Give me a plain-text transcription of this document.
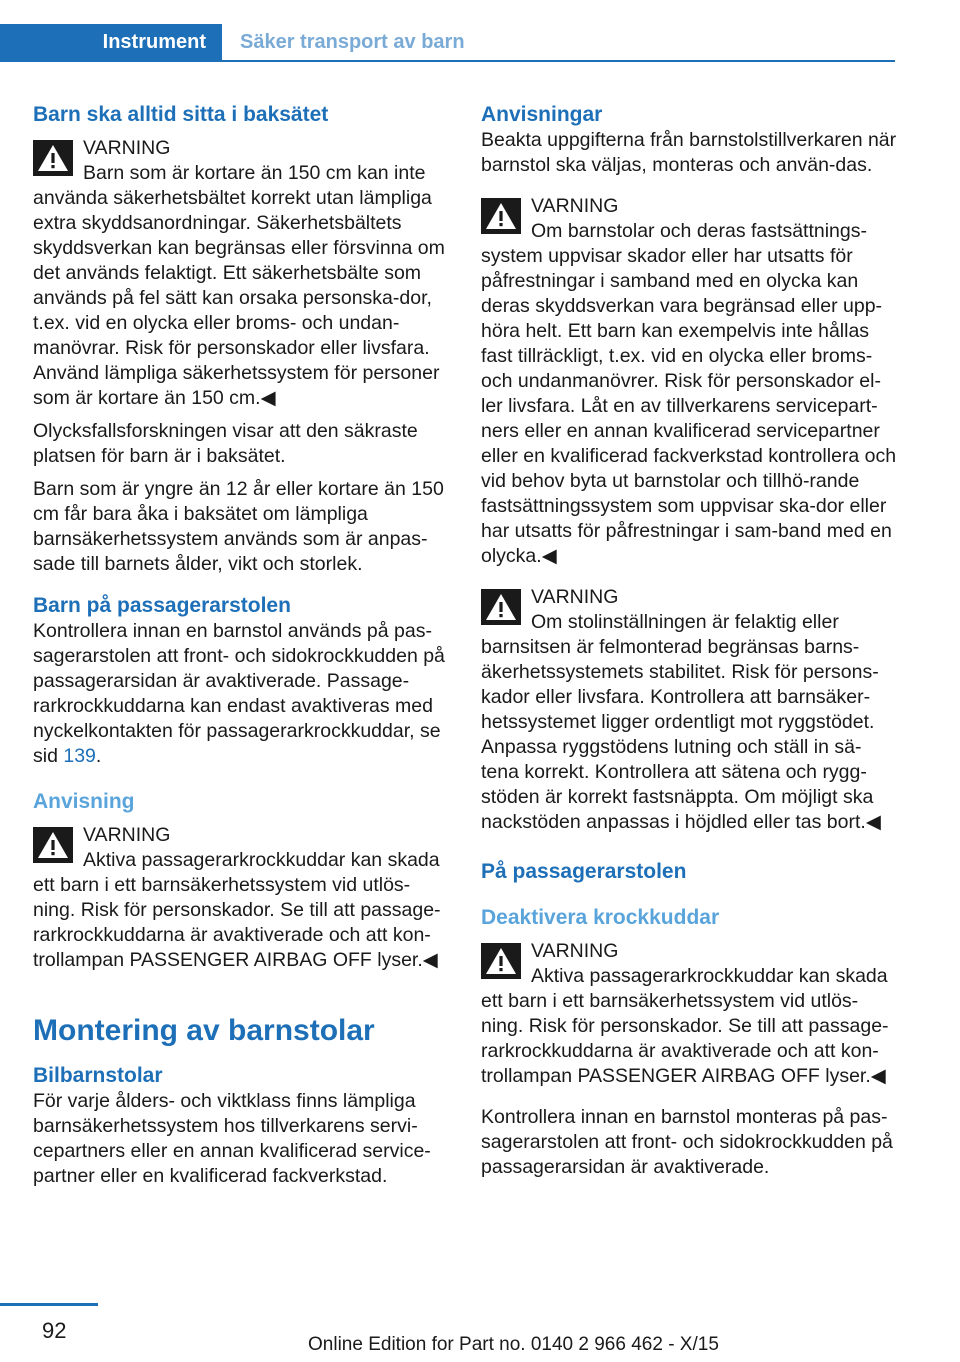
Instrument Säker transport av barn
Barn ska alltid sitta i baksätet

VARNING

Barn som är kortare än 150 cm kan inte använda säkerhetsbältet korrekt utan lämpliga extra skyddsanordningar. Säkerhetsbältets skyddsverkan kan begränsas eller försvinna om det används felaktigt. Ett säkerhetsbälte som används på fel sätt kan orsaka personska‐dor, t.ex. vid en olycka eller broms- och undan‐manövrar. Risk för personskador eller livsfara. Använd lämpliga säkerhetssystem för personer som är kortare än 150 cm.◀

Olycksfallsforskningen visar att den säkraste platsen för barn är i baksätet.

Barn som är yngre än 12 år eller kortare än 150 cm får bara åka i baksätet om lämpliga barnsäkerhetssystem används som är anpas‐sade till barnets ålder, vikt och storlek.

Barn på passagerarstolen

Kontrollera innan en barnstol används på pas‐sagerarstolen att front- och sidokrockkudden på passagerarsidan är avaktiverade. Passage‐rarkrockkuddarna kan endast avaktiveras med nyckelkontakten för passagerarkrockkuddar, se sid 139.

Anvisning

VARNING

Aktiva passagerarkrockkuddar kan skada ett barn i ett barnsäkerhetssystem vid utlös‐ning. Risk för personskador. Se till att passage‐rarkrockkuddarna är avaktiverade och att kon‐trollampan PASSENGER AIRBAG OFF lyser.◀

Montering av barnstolar
Bilbarnstolar

För varje ålders- och viktklass finns lämpliga barnsäkerhetssystem hos tillverkarens servi‐cepartners eller en annan kvalificerad service‐partner eller en kvalificerad fackverkstad.

Anvisningar

Beakta uppgifterna från barnstolstillverkaren när barnstol ska väljas, monteras och använ‐das.

VARNING

Om barnstolar och deras fastsättnings‐system uppvisar skador eller har utsatts för påfrestningar i samband med en olycka kan deras skyddsverkan vara begränsad eller upp‐höra helt. Ett barn kan exempelvis inte hållas fast tillräckligt, t.ex. vid en olycka eller broms- och undanmanövrer. Risk för personskador el‐ler livsfara. Låt en av tillverkarens servicepart‐ners eller en annan kvalificerad servicepartner eller en kvalificerad fackverkstad kontrollera och vid behov byta ut barnstolar och tillhö‐rande fastsättningssystem som uppvisar ska‐dor eller har utsatts för påfrestningar i sam‐band med en olycka.◀

VARNING

Om stolinställningen är felaktig eller barnsitsen är felmonterad begränsas barns‐äkerhetssystemets stabilitet. Risk för persons‐kador eller livsfara. Kontrollera att barnsäker‐hetssystemet ligger ordentligt mot ryggstödet. Anpassa ryggstödens lutning och ställ in sä‐tena korrekt. Kontrollera att sätena och rygg‐stöden är korrekt fastsnäppta. Om möjligt ska nackstöden anpassas i höjdled eller tas bort.◀

På passagerarstolen
Deaktivera krockkuddar

VARNING

Aktiva passagerarkrockkuddar kan skada ett barn i ett barnsäkerhetssystem vid utlös‐ning. Risk för personskador. Se till att passage‐rarkrockkuddarna är avaktiverade och att kon‐trollampan PASSENGER AIRBAG OFF lyser.◀

Kontrollera innan en barnstol monteras på pas‐sagerarstolen att front- och sidokrockkudden på passagerarsidan är avaktiverade.

92
Online Edition for Part no. 0140 2 966 462 - X/15
